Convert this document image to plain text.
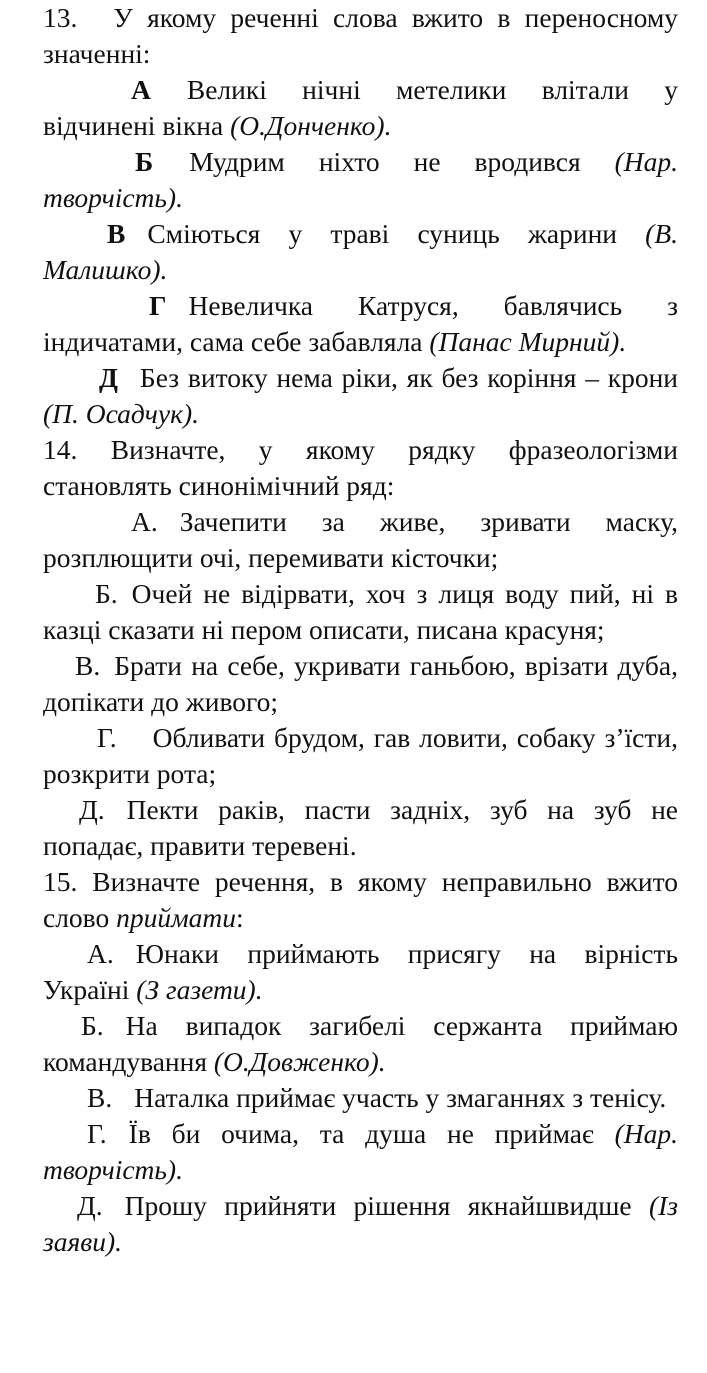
13. У якому реченні слова вжито в переносному значенні:

А Великі нічні метелики влітали у відчинені вікна (О.Донченко).

Б Мудрим ніхто не вродився (Нар. творчість).

В Сміються у траві суниць жарини (В. Малишко).

Г Невеличка Катруся, бавлячись з індичатами, сама себе забавляла (Панас Мирний).

Д Без витоку нема ріки, як без коріння – крони (П. Осадчук).

14. Визначте, у якому рядку фразеологізми становлять синонімічний ряд:

А. Зачепити за живе, зривати маску, розплющити очі, перемивати кісточки;

Б. Очей не відірвати, хоч з лиця воду пий, ні в казці сказати ні пером описати, писана красуня;

В. Брати на себе, укривати ганьбою, врізати дуба, допікати до живого;

Г. Обливати брудом, гав ловити, собаку з’їсти, розкрити рота;

Д. Пекти раків, пасти задніх, зуб на зуб не попадає, правити теревені.

15. Визначте речення, в якому неправильно вжито слово приймати:

А. Юнаки приймають присягу на вірність Україні (З газети).

Б. На випадок загибелі сержанта приймаю командування (О.Довженко).

В. Наталка приймає участь у змаганнях з тенісу.

Г. Їв би очима, та душа не приймає (Нар. творчість).

Д. Прошу прийняти рішення якнайшвидше (Із заяви).
